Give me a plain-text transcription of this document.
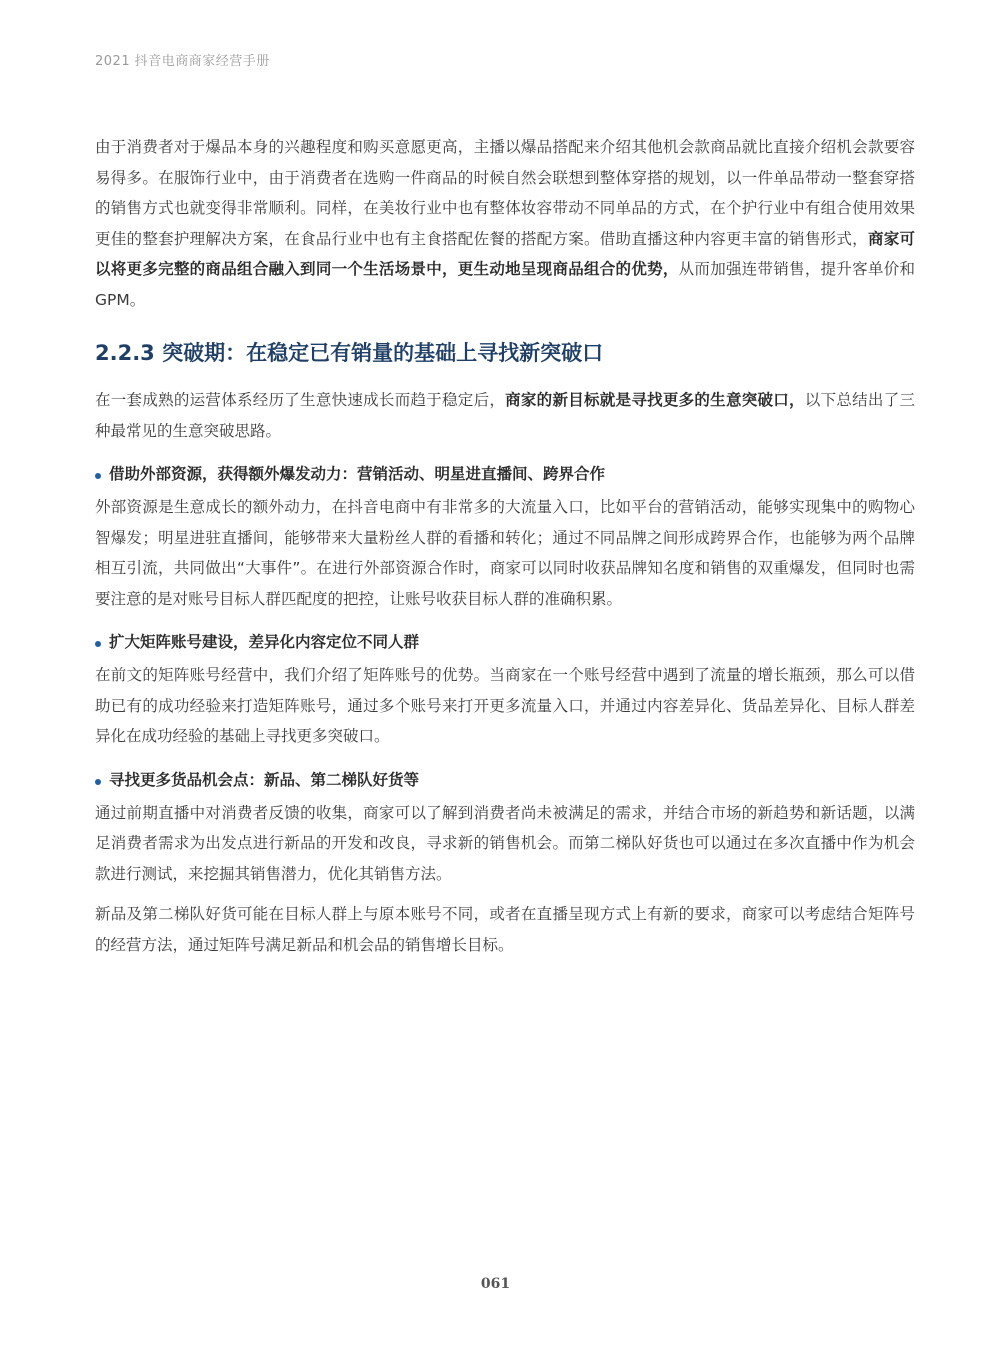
2021 抖音电商商家经营手册

由于消费者对于爆品本身的兴趣程度和购买意愿更高，主播以爆品搭配来介绍其他机会款商品就比直接介绍机会款要容易得多。在服饰行业中，由于消费者在选购一件商品的时候自然会联想到整体穿搭的规划，以一件单品带动一整套穿搭的销售方式也就变得非常顺利。同样，在美妆行业中也有整体妆容带动不同单品的方式，在个护行业中有组合使用效果更佳的整套护理解决方案，在食品行业中也有主食搭配佐餐的搭配方案。借助直播这种内容更丰富的销售形式，商家可以将更多完整的商品组合融入到同一个生活场景中，更生动地呈现商品组合的优势，从而加强连带销售，提升客单价和GPM。

2.2.3 突破期：在稳定已有销量的基础上寻找新突破口

在一套成熟的运营体系经历了生意快速成长而趋于稳定后，商家的新目标就是寻找更多的生意突破口，以下总结出了三种最常见的生意突破思路。

借助外部资源，获得额外爆发动力：营销活动、明星进直播间、跨界合作

外部资源是生意成长的额外动力，在抖音电商中有非常多的大流量入口，比如平台的营销活动，能够实现集中的购物心智爆发；明星进驻直播间，能够带来大量粉丝人群的看播和转化；通过不同品牌之间形成跨界合作，也能够为两个品牌相互引流，共同做出“大事件”。在进行外部资源合作时，商家可以同时收获品牌知名度和销售的双重爆发，但同时也需要注意的是对账号目标人群匹配度的把控，让账号收获目标人群的准确积累。

扩大矩阵账号建设，差异化内容定位不同人群

在前文的矩阵账号经营中，我们介绍了矩阵账号的优势。当商家在一个账号经营中遇到了流量的增长瓶颈，那么可以借助已有的成功经验来打造矩阵账号，通过多个账号来打开更多流量入口，并通过内容差异化、货品差异化、目标人群差异化在成功经验的基础上寻找更多突破口。

寻找更多货品机会点：新品、第二梯队好货等

通过前期直播中对消费者反馈的收集，商家可以了解到消费者尚未被满足的需求，并结合市场的新趋势和新话题，以满足消费者需求为出发点进行新品的开发和改良，寻求新的销售机会。而第二梯队好货也可以通过在多次直播中作为机会款进行测试，来挖掘其销售潜力，优化其销售方法。

新品及第二梯队好货可能在目标人群上与原本账号不同，或者在直播呈现方式上有新的要求，商家可以考虑结合矩阵号的经营方法，通过矩阵号满足新品和机会品的销售增长目标。

061
